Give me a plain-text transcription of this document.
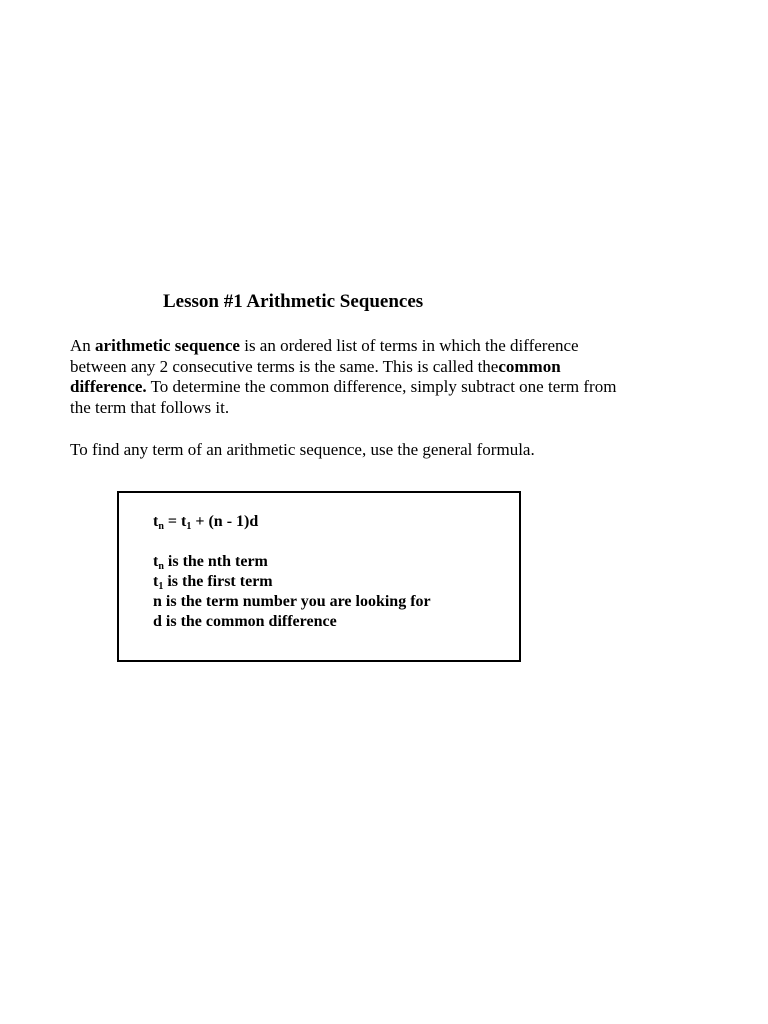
Lesson #1 Arithmetic Sequences

An arithmetic sequence is an ordered list of terms in which the difference
between any 2 consecutive terms is the same. This is called thecommon
difference. To determine the common difference, simply subtract one term from
the term that follows it.

To find any term of an arithmetic sequence, use the general formula.

$t_n = t_1 + (n - 1)d$
$t_n$ is the nth term
$t_1$ is the first term
n is the term number you are looking for
d is the common difference
